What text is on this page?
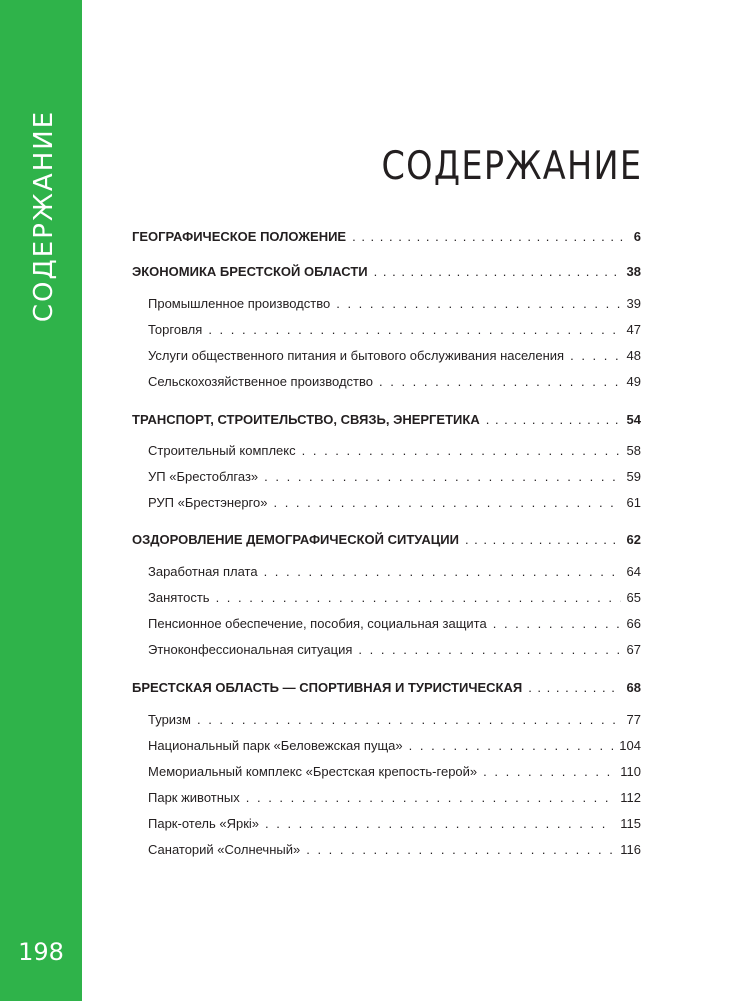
СОДЕРЖАНИЕ
198
СОДЕРЖАНИЕ
ГЕОГРАФИЧЕСКОЕ ПОЛОЖЕНИЕ . . .	6
ЭКОНОМИКА БРЕСТСКОЙ ОБЛАСТИ . . .	38
Промышленное производство . . .	39
Торговля . . .	47
Услуги общественного питания и бытового обслуживания населения . . .	48
Сельскохозяйственное производство . . .	49
ТРАНСПОРТ, СТРОИТЕЛЬСТВО, СВЯЗЬ, ЭНЕРГЕТИКА . . .	54
Строительный комплекс . . .	58
УП «Брестоблгаз» . . .	59
РУП «Брестэнерго» . . .	61
ОЗДОРОВЛЕНИЕ ДЕМОГРАФИЧЕСКОЙ СИТУАЦИИ . . .	62
Заработная плата . . .	64
Занятость . . .	65
Пенсионное обеспечение, пособия, социальная защита . . .	66
Этноконфессиональная ситуация . . .	67
БРЕСТСКАЯ ОБЛАСТЬ — СПОРТИВНАЯ И ТУРИСТИЧЕСКАЯ . . .	68
Туризм . . .	77
Национальный парк «Беловежская пуща» . . .	104
Мемориальный комплекс «Брестская крепость-герой» . . .	110
Парк животных . . .	112
Парк-отель «Яркі» . . .	115
Санаторий «Солнечный» . . .	116
